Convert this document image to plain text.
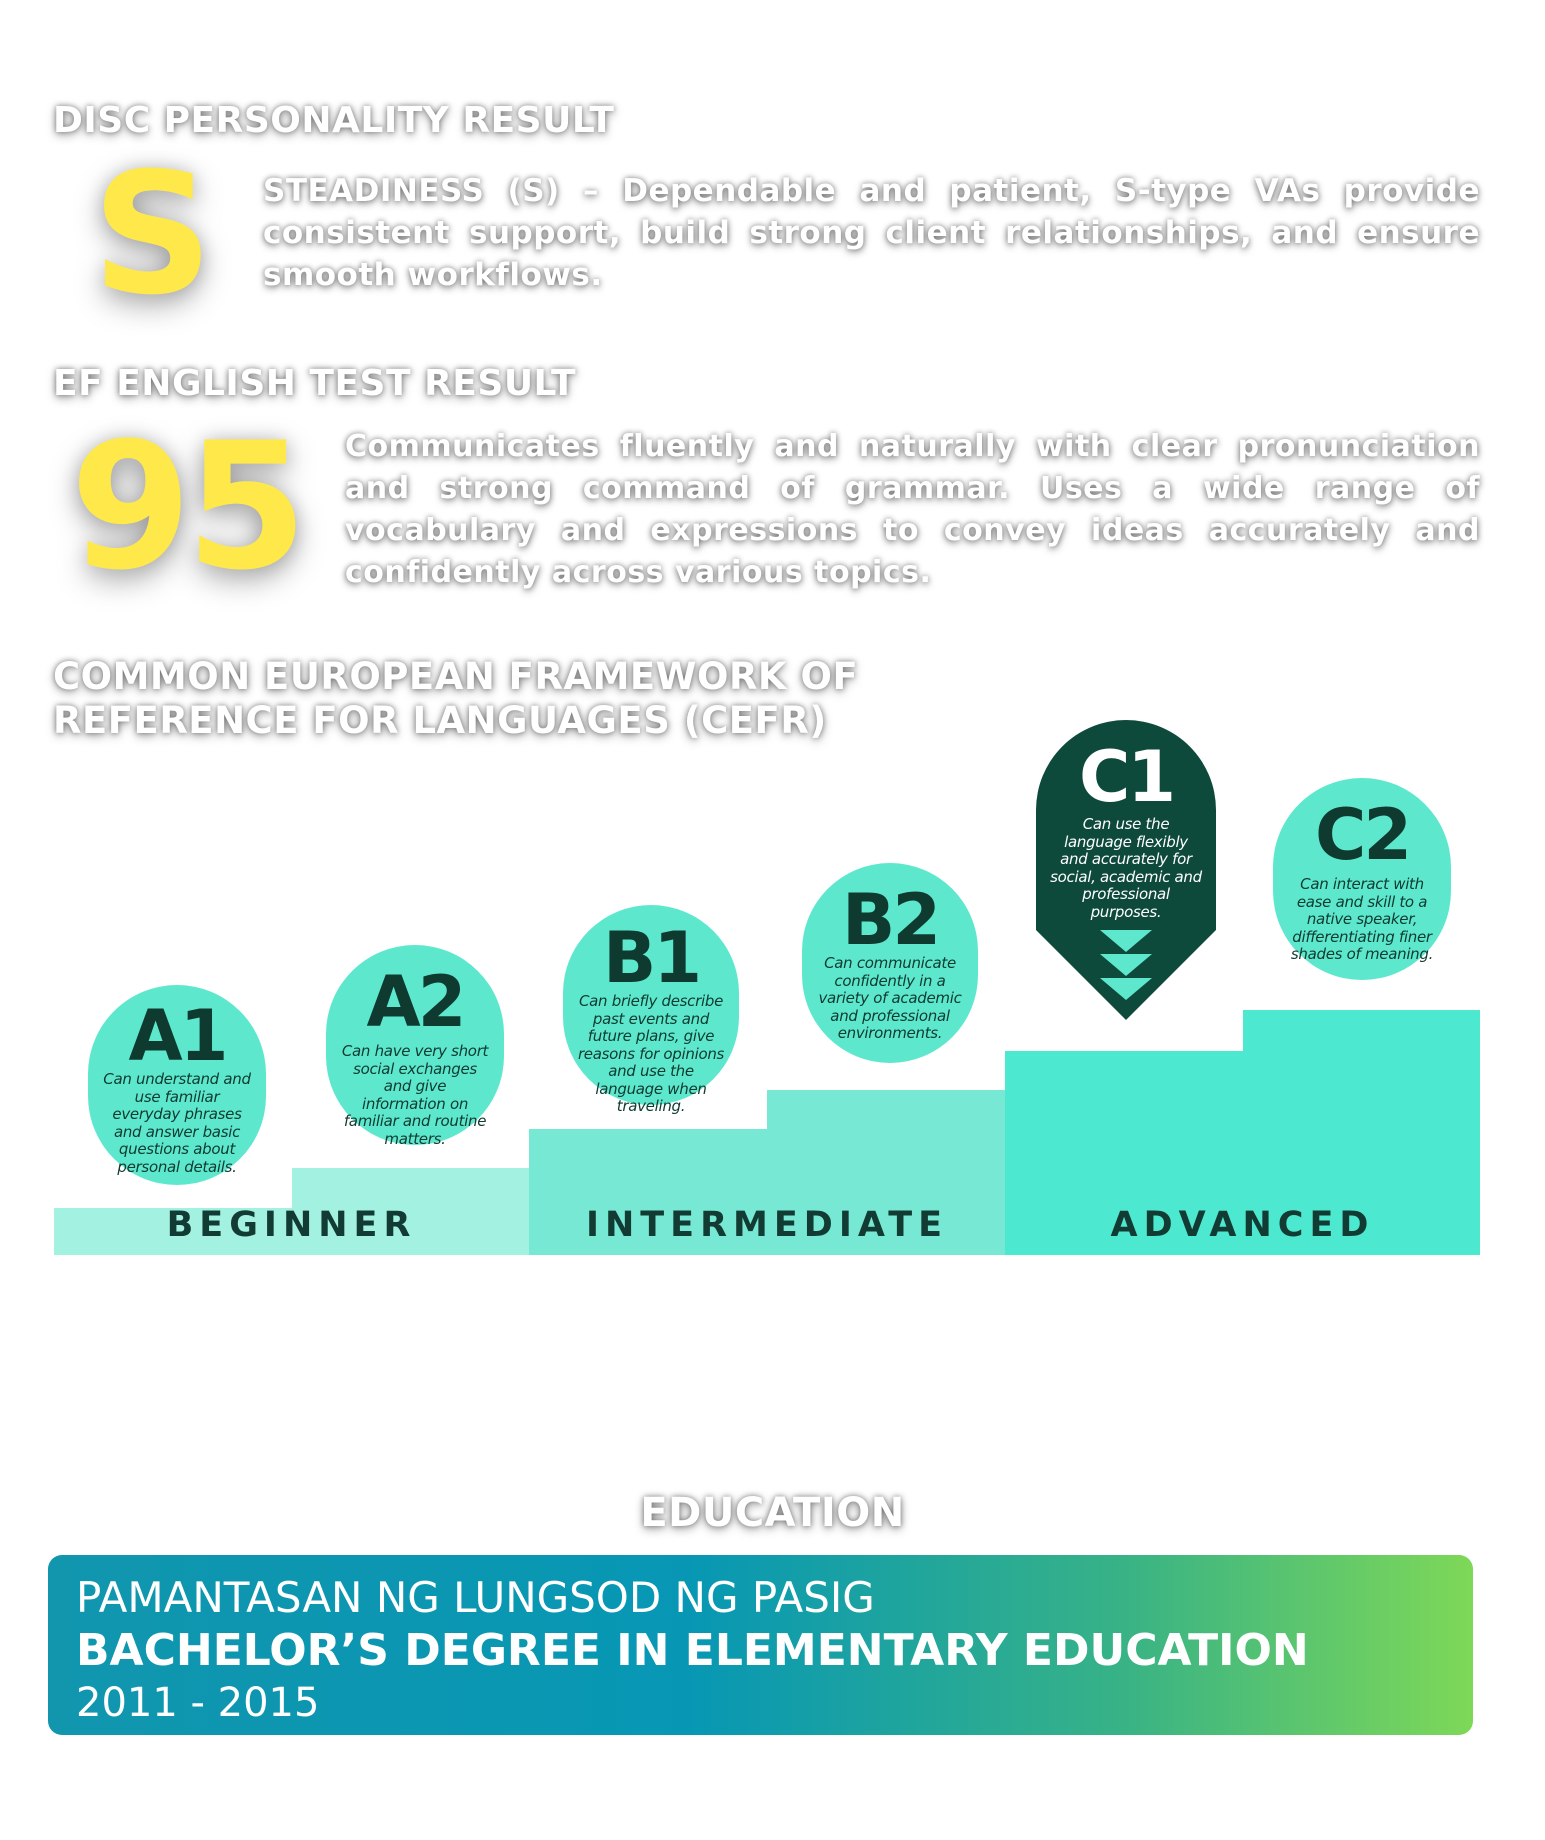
DISC PERSONALITY RESULT
S STEADINESS (S) – Dependable and patient, S-type VAs provide consistent support, build strong client relationships, and ensure smooth workflows.

EF ENGLISH TEST RESULT
95 Communicates fluently and naturally with clear pronunciation and strong command of grammar. Uses a wide range of vocabulary and expressions to convey ideas accurately and confidently across various topics.

COMMON EUROPEAN FRAMEWORK OF REFERENCE FOR LANGUAGES (CEFR)
BEGINNER	INTERMEDIATE	ADVANCED
A1
Can understand and use familiar everyday phrases and answer basic questions about personal details.
A2
Can have very short social exchanges and give information on familiar and routine matters.
B1
Can briefly describe past events and future plans, give reasons for opinions and use the language when traveling.
B2
Can communicate confidently in a variety of academic and professional environments.
C1
Can use the language flexibly and accurately for social, academic and professional purposes.
C2
Can interact with ease and skill to a native speaker, differentiating finer shades of meaning.
EDUCATION
PAMANTASAN NG LUNGSOD NG PASIG
BACHELOR’S DEGREE IN ELEMENTARY EDUCATION
2011 - 2015
